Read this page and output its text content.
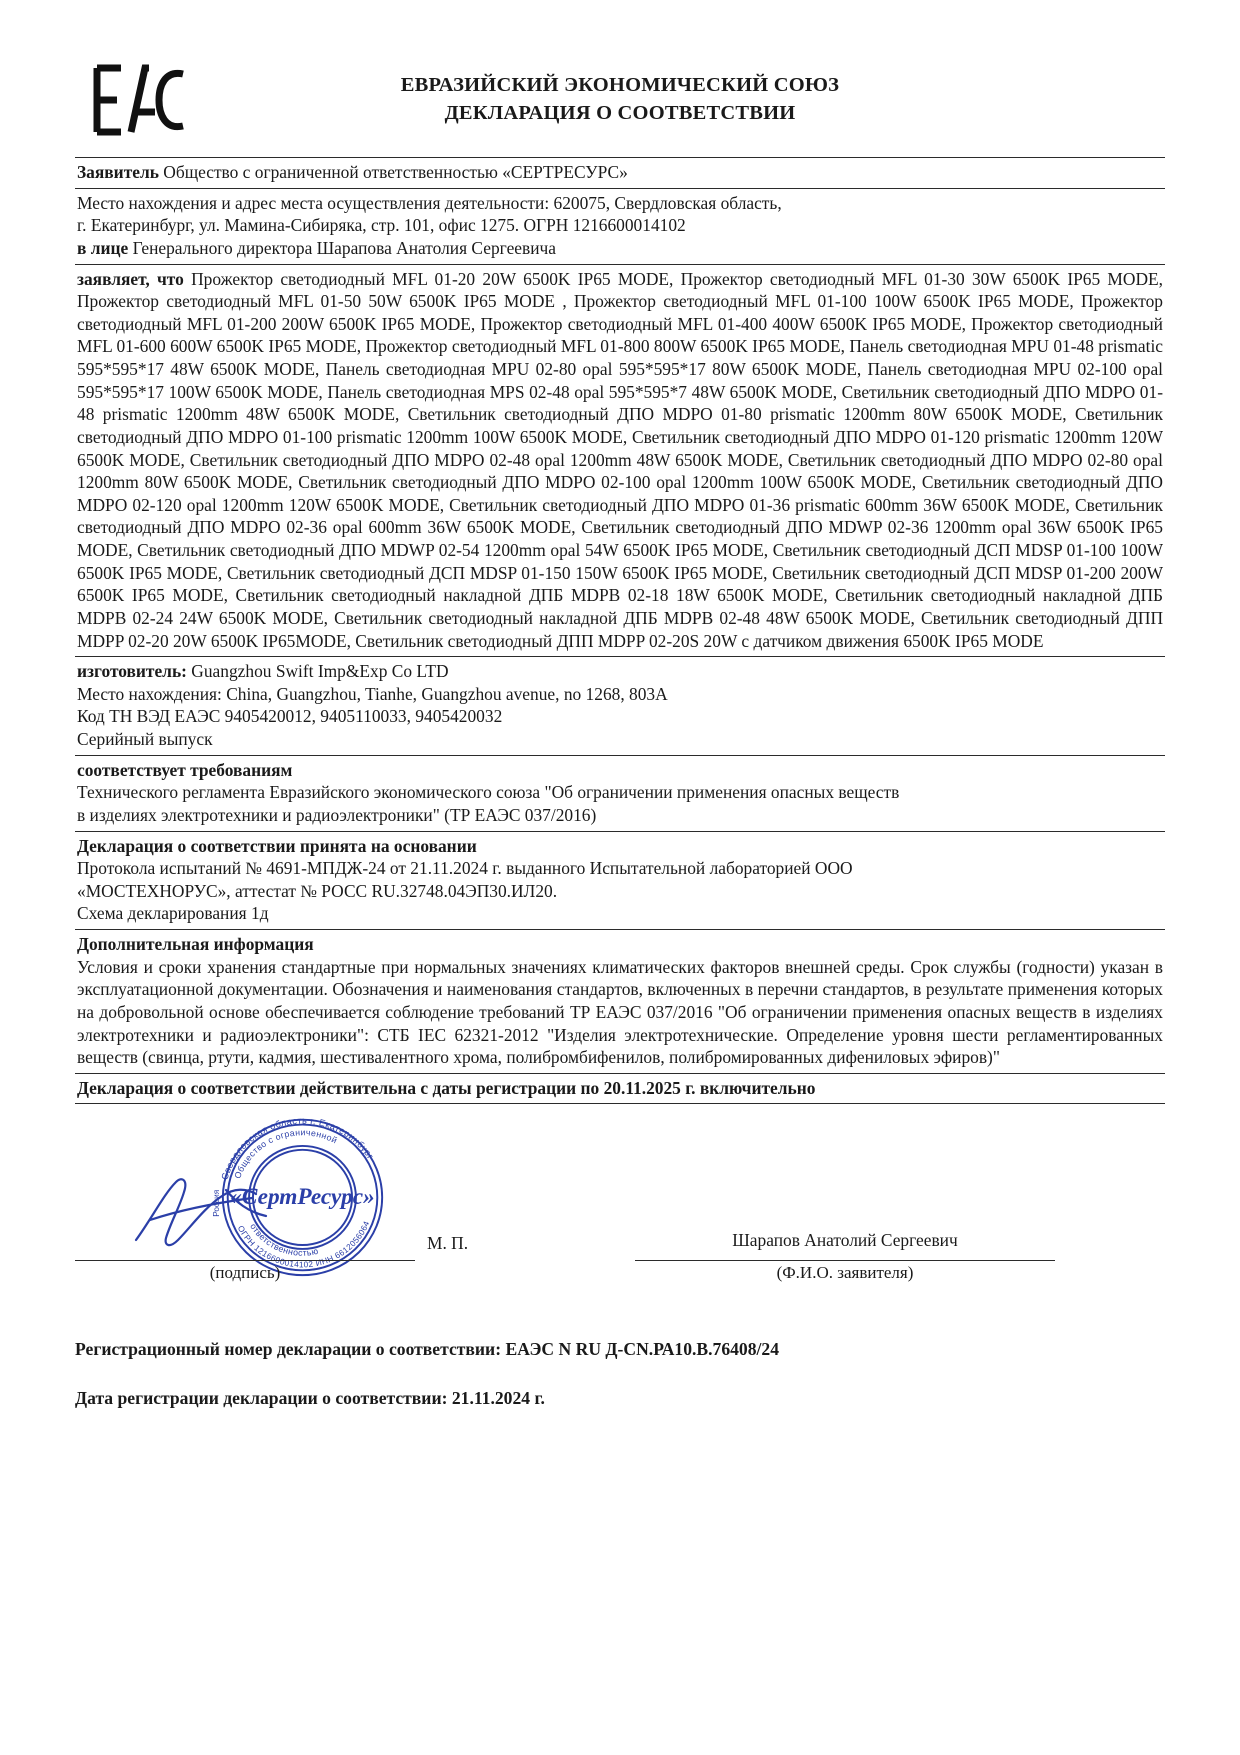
ЕВРАЗИЙСКИЙ ЭКОНОМИЧЕСКИЙ СОЮЗ
ДЕКЛАРАЦИЯ О СООТВЕТСТВИИ
Заявитель Общество с ограниченной ответственностью «СЕРТРЕСУРС»
Место нахождения и адрес места осуществления деятельности: 620075, Свердловская область,
г. Екатеринбург, ул. Мамина-Сибиряка, стр. 101, офис 1275. ОГРН 1216600014102
в лице Генерального директора Шарапова Анатолия Сергеевича
заявляет, что Прожектор светодиодный MFL 01-20 20W 6500K IP65 MODE, Прожектор светодиодный MFL 01-30 30W 6500K IP65 MODE, Прожектор светодиодный MFL 01-50 50W 6500K IP65 MODE , Прожектор светодиодный MFL 01-100 100W 6500K IP65 MODE, Прожектор светодиодный MFL 01-200 200W 6500K IP65 MODE, Прожектор светодиодный MFL 01-400 400W 6500K IP65 MODE, Прожектор светодиодный MFL 01-600 600W 6500K IP65 MODE, Прожектор светодиодный MFL 01-800 800W 6500K IP65 MODE, Панель светодиодная MPU 01-48 prismatic 595*595*17 48W 6500K MODE, Панель светодиодная MPU 02-80 opal 595*595*17 80W 6500K MODE, Панель светодиодная MPU 02-100 opal 595*595*17 100W 6500K MODE, Панель светодиодная MPS 02-48 opal 595*595*7 48W 6500K MODE, Светильник светодиодный ДПО MDPO 01-48 prismatic 1200mm 48W 6500K MODE, Светильник светодиодный ДПО MDPO 01-80 prismatic 1200mm 80W 6500K MODE, Светильник светодиодный ДПО MDPO 01-100 prismatic 1200mm 100W 6500K MODE, Светильник светодиодный ДПО MDPO 01-120 prismatic 1200mm 120W 6500K MODE, Светильник светодиодный ДПО MDPO 02-48 opal 1200mm 48W 6500K MODE, Светильник светодиодный ДПО MDPO 02-80 opal 1200mm 80W 6500K MODE, Светильник светодиодный ДПО MDPO 02-100 opal 1200mm 100W 6500K MODE, Светильник светодиодный ДПО MDPO 02-120 opal 1200mm 120W 6500K MODE, Светильник светодиодный ДПО MDPO 01-36 prismatic 600mm 36W 6500K MODE, Светильник светодиодный ДПО MDPO 02-36 opal 600mm 36W 6500K MODE, Светильник светодиодный ДПО MDWP 02-36 1200mm opal 36W 6500K IP65 MODE, Светильник светодиодный ДПО MDWP 02-54 1200mm opal 54W 6500K IP65 MODE, Светильник светодиодный ДСП MDSP 01-100 100W 6500K IP65 MODE, Светильник светодиодный ДСП MDSP 01-150 150W 6500K IP65 MODE, Светильник светодиодный ДСП MDSP 01-200 200W 6500K IP65 MODE, Светильник светодиодный накладной ДПБ MDPB 02-18 18W 6500K MODE, Светильник светодиодный накладной ДПБ MDPB 02-24 24W 6500K MODE, Светильник светодиодный накладной ДПБ MDPB 02-48 48W 6500K MODE, Светильник светодиодный ДПП MDPP 02-20 20W 6500K IP65MODE, Светильник светодиодный ДПП MDPP 02-20S 20W с датчиком движения 6500K IP65 MODE
изготовитель: Guangzhou Swift Imp&Exp Co LTD
Место нахождения: China, Guangzhou, Tianhe, Guangzhou avenue, no 1268, 803A
Код ТН ВЭД ЕАЭС 9405420012, 9405110033, 9405420032
Серийный выпуск
соответствует требованиям
Технического регламента Евразийского экономического союза "Об ограничении применения опасных веществ
в изделиях электротехники и радиоэлектроники" (ТР ЕАЭС 037/2016)
Декларация о соответствии принята на основании
Протокола испытаний № 4691-МПДЖ-24 от 21.11.2024 г. выданного Испытательной лабораторией ООО
«МОСТЕХНОРУС», аттестат № РОСС RU.32748.04ЭП30.ИЛ20.
Схема декларирования 1д
Дополнительная информация
Условия и сроки хранения стандартные при нормальных значениях климатических факторов внешней среды. Срок службы (годности) указан в эксплуатационной документации. Обозначения и наименования стандартов, включенных в перечни стандартов, в результате применения которых на добровольной основе обеспечивается соблюдение требований ТР ЕАЭС 037/2016 "Об ограничении применения опасных веществ в изделиях электротехники и радиоэлектроники": СТБ IEC 62321-2012 "Изделия электротехнические. Определение уровня шести регламентированных веществ (свинца, ртути, кадмия, шестивалентного хрома, полибромбифенилов, полибромированных дифениловых эфиров)"
Декларация о соответствии действительна с даты регистрации по 20.11.2025 г. включительно
Свердловская область г. Екатеринбург
Общество с ограниченной
ответственностью
ОГРН 1216600014102 ИНН 6612056064
«СертРесурс»
Россия
(подпись)
М. П.	Шарапов Анатолий Сергеевич
(Ф.И.О. заявителя)
Регистрационный номер декларации о соответствии: ЕАЭС N RU Д-CN.РА10.В.76408/24
Дата регистрации декларации о соответствии: 21.11.2024 г.
